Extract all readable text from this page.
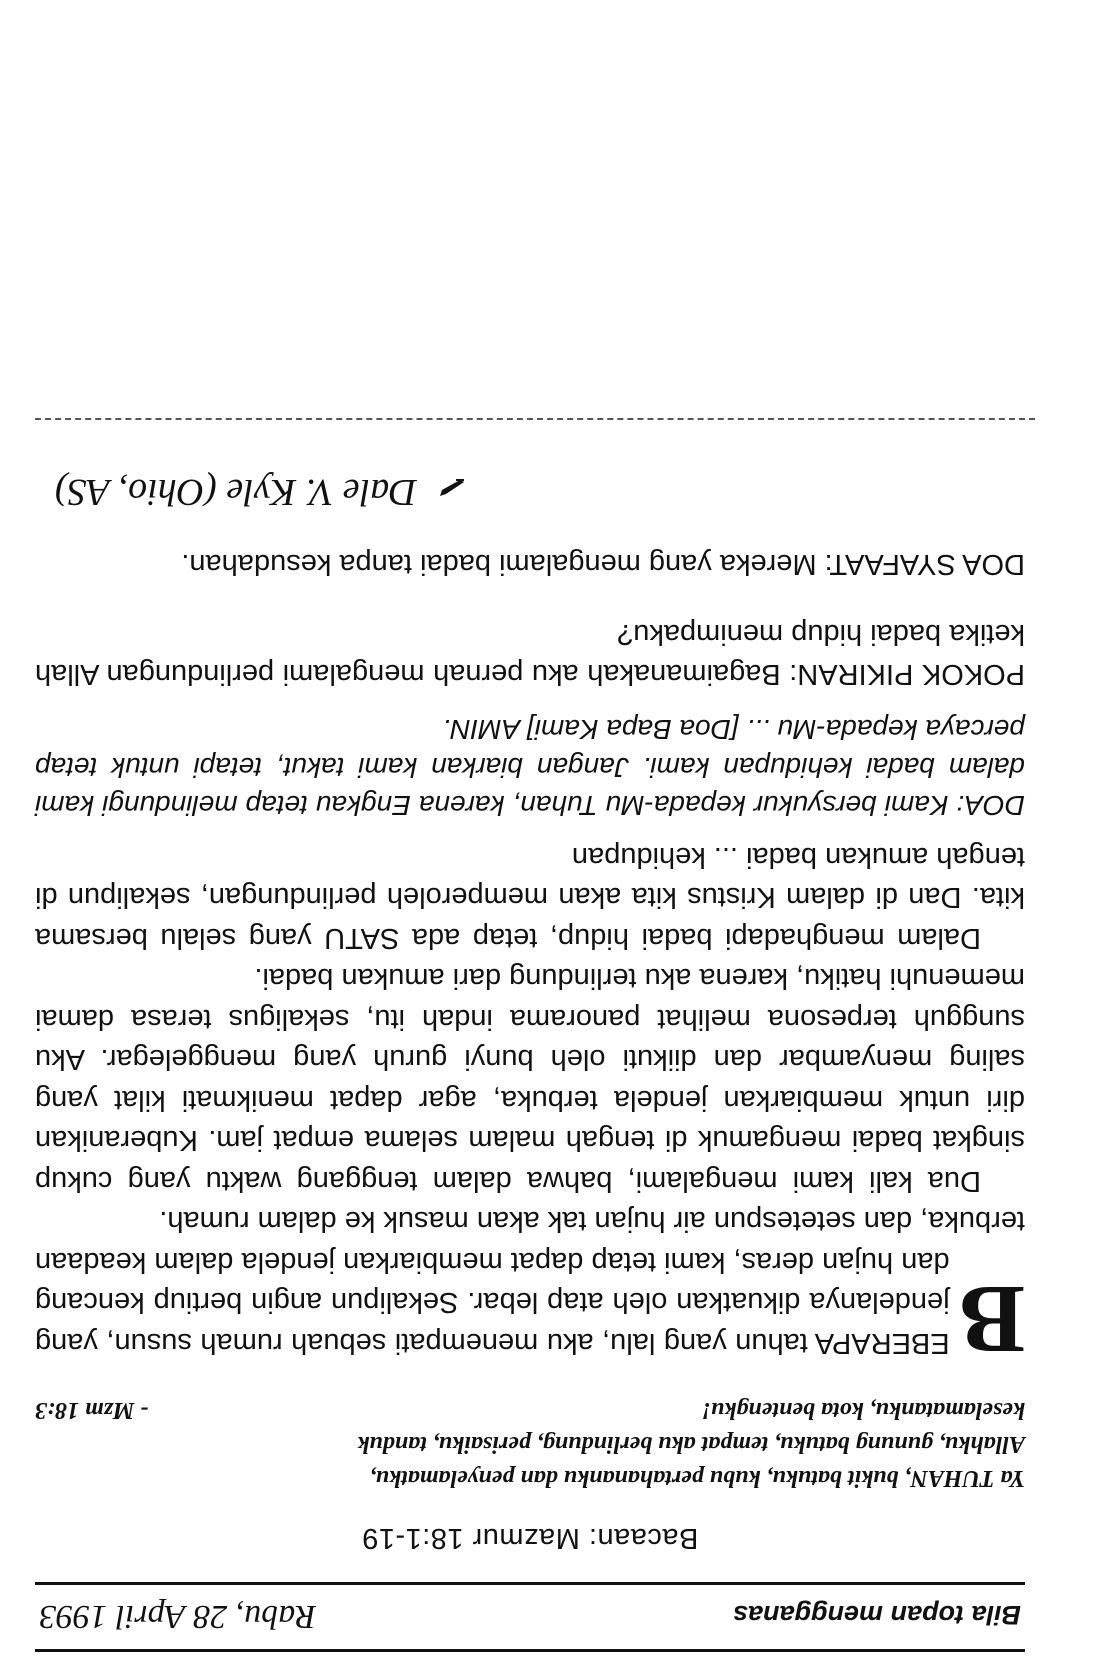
Bila topan mengganas
Rabu, 28 April 1993
Bacaan: Mazmur 18:1-19
Ya TUHAN, bukit batuku, kubu pertahananku dan penyelamatku,
Allahku, gunung batuku, tempat aku berlindung, perisaiku, tanduk
keselamatanku, kota bentengku!
- Mzm 18:3

B
EBERAPA tahun yang lalu, aku menempati sebuah rumah susun, yang jendelanya dikuatkan oleh atap lebar. Sekalipun angin bertiup kencang dan hujan deras, kami tetap dapat membiarkan jendela dalam keadaan terbuka, dan setetespun air hujan tak akan masuk ke dalam rumah.

Dua kali kami mengalami, bahwa dalam tenggang waktu yang cukup singkat badai mengamuk di tengah malam selama empat jam. Kuberanikan diri untuk membiarkan jendela terbuka, agar dapat menikmati kilat yang saling menyambar dan diikuti oleh bunyi guruh yang menggelegar. Aku sungguh terpesona melihat panorama indah itu, sekaligus terasa damai memenuhi hatiku, karena aku terlindung dari amukan badai.

Dalam menghadapi badai hidup, tetap ada SATU yang selalu bersama kita. Dan di dalam Kristus kita akan memperoleh perlindungan, sekalipun di tengah amukan badai ... kehidupan

DOA: Kami bersyukur kepada-Mu Tuhan, karena Engkau tetap melindungi kami dalam badai kehidupan kami. Jangan biarkan kami takut, tetapi untuk tetap percaya kepada-Mu ... [Doa Bapa Kami] AMIN.

POKOK PIKIRAN: Bagaimanakah aku pernah mengalami perlindungan Allah ketika badai hidup menimpaku?

DOA SYAFAAT: Mereka yang mengalami badai tanpa kesudahan.

Dale V. Kyle (Ohio, AS)
